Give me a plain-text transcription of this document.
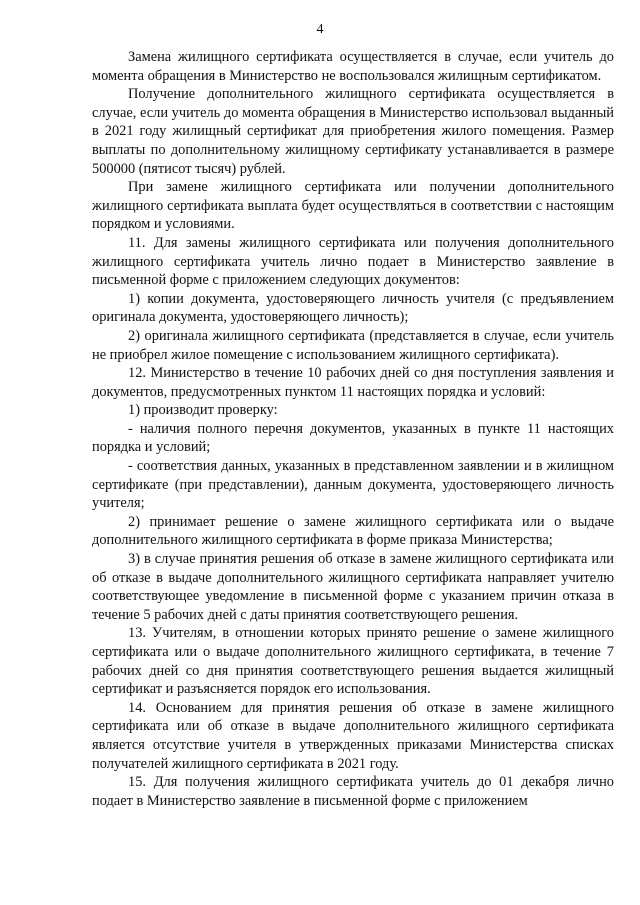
4

Замена жилищного сертификата осуществляется в случае, если учитель до момента обращения в Министерство не воспользовался жилищным сертификатом.

Получение дополнительного жилищного сертификата осуществляется в случае, если учитель до момента обращения в Министерство использовал выданный в 2021 году жилищный сертификат для приобретения жилого помещения. Размер выплаты по дополнительному жилищному сертификату устанавливается в размере 500000 (пятисот тысяч) рублей.

При замене жилищного сертификата или получении дополнительного жилищного сертификата выплата будет осуществляться в соответствии с настоящим порядком и условиями.

11. Для замены жилищного сертификата или получения дополнительного жилищного сертификата учитель лично подает в Министерство заявление в письменной форме с приложением следующих документов:

1) копии документа, удостоверяющего личность учителя (с предъявлением оригинала документа, удостоверяющего личность);

2) оригинала жилищного сертификата (представляется в случае, если учитель не приобрел жилое помещение с использованием жилищного сертификата).

12. Министерство в течение 10 рабочих дней со дня поступления заявления и документов, предусмотренных пунктом 11 настоящих порядка и условий:

1) производит проверку:

- наличия полного перечня документов, указанных в пункте 11 настоящих порядка и условий;

- соответствия данных, указанных в представленном заявлении и в жилищном сертификате (при представлении), данным документа, удостоверяющего личность учителя;

2) принимает решение о замене жилищного сертификата или о выдаче дополнительного жилищного сертификата в форме приказа Министерства;

3) в случае принятия решения об отказе в замене жилищного сертификата или об отказе в выдаче дополнительного жилищного сертификата направляет учителю соответствующее уведомление в письменной форме с указанием причин отказа в течение 5 рабочих дней с даты принятия соответствующего решения.

13. Учителям, в отношении которых принято решение о замене жилищного сертификата или о выдаче дополнительного жилищного сертификата, в течение 7 рабочих дней со дня принятия соответствующего решения выдается жилищный сертификат и разъясняется порядок его использования.

14. Основанием для принятия решения об отказе в замене жилищного сертификата или об отказе в выдаче дополнительного жилищного сертификата является отсутствие учителя в утвержденных приказами Министерства списках получателей жилищного сертификата в 2021 году.

15. Для получения жилищного сертификата учитель до 01 декабря лично подает в Министерство заявление в письменной форме с приложением
